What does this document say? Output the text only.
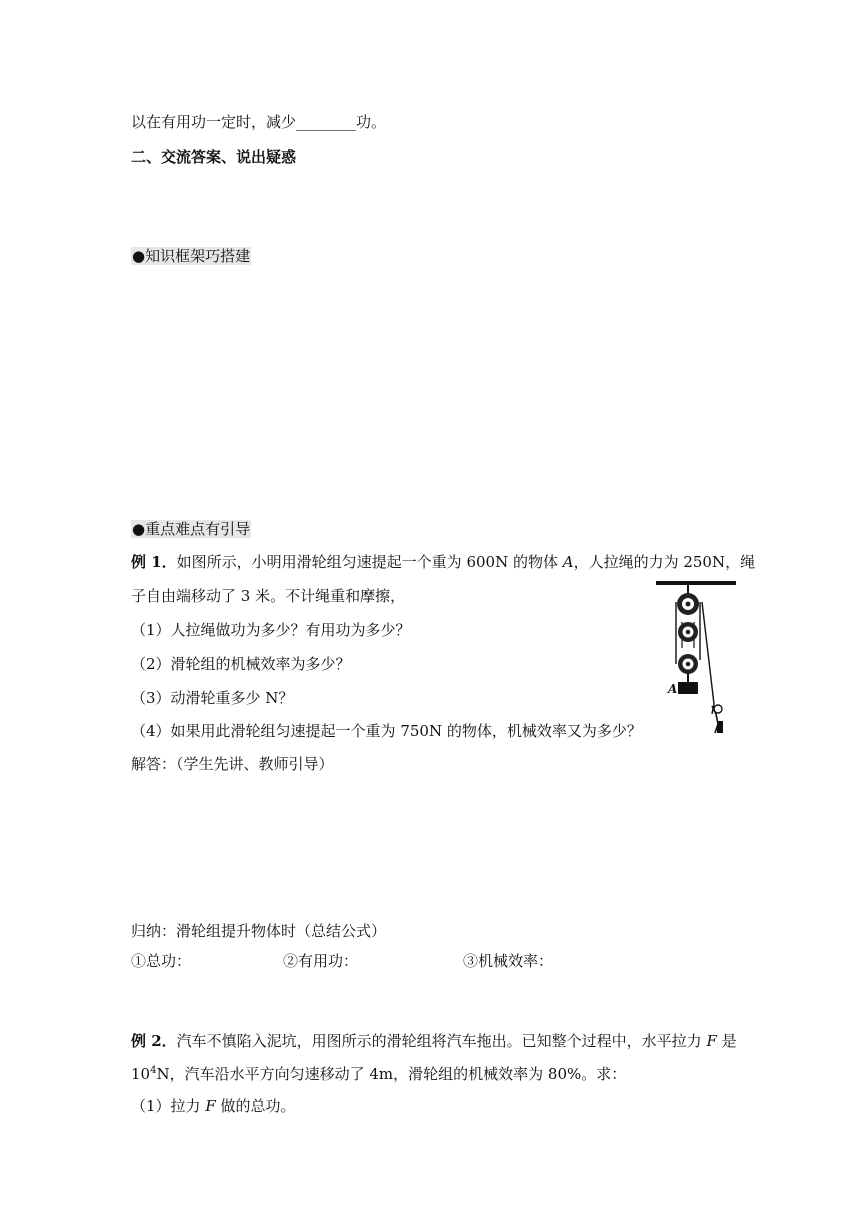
以在有用功一定时，减少________功。
二、交流答案、说出疑惑
●知识框架巧搭建
●重点难点有引导
例 1．如图所示，小明用滑轮组匀速提起一个重为 600N 的物体 A，人拉绳的力为 250N，绳
子自由端移动了 3 米。不计绳重和摩擦，
（1）人拉绳做功为多少？有用功为多少？
（2）滑轮组的机械效率为多少？
（3）动滑轮重多少 N？
（4）如果用此滑轮组匀速提起一个重为 750N 的物体，机械效率又为多少？
解答：（学生先讲、教师引导）
A
归纳：滑轮组提升物体时（总结公式）
①总功：	②有用功：	③机械效率：
例 2．汽车不慎陷入泥坑，用图所示的滑轮组将汽车拖出。已知整个过程中，水平拉力 F 是
$10^4N$，汽车沿水平方向匀速移动了 4m，滑轮组的机械效率为 80%。求：
（1）拉力 F 做的总功。
